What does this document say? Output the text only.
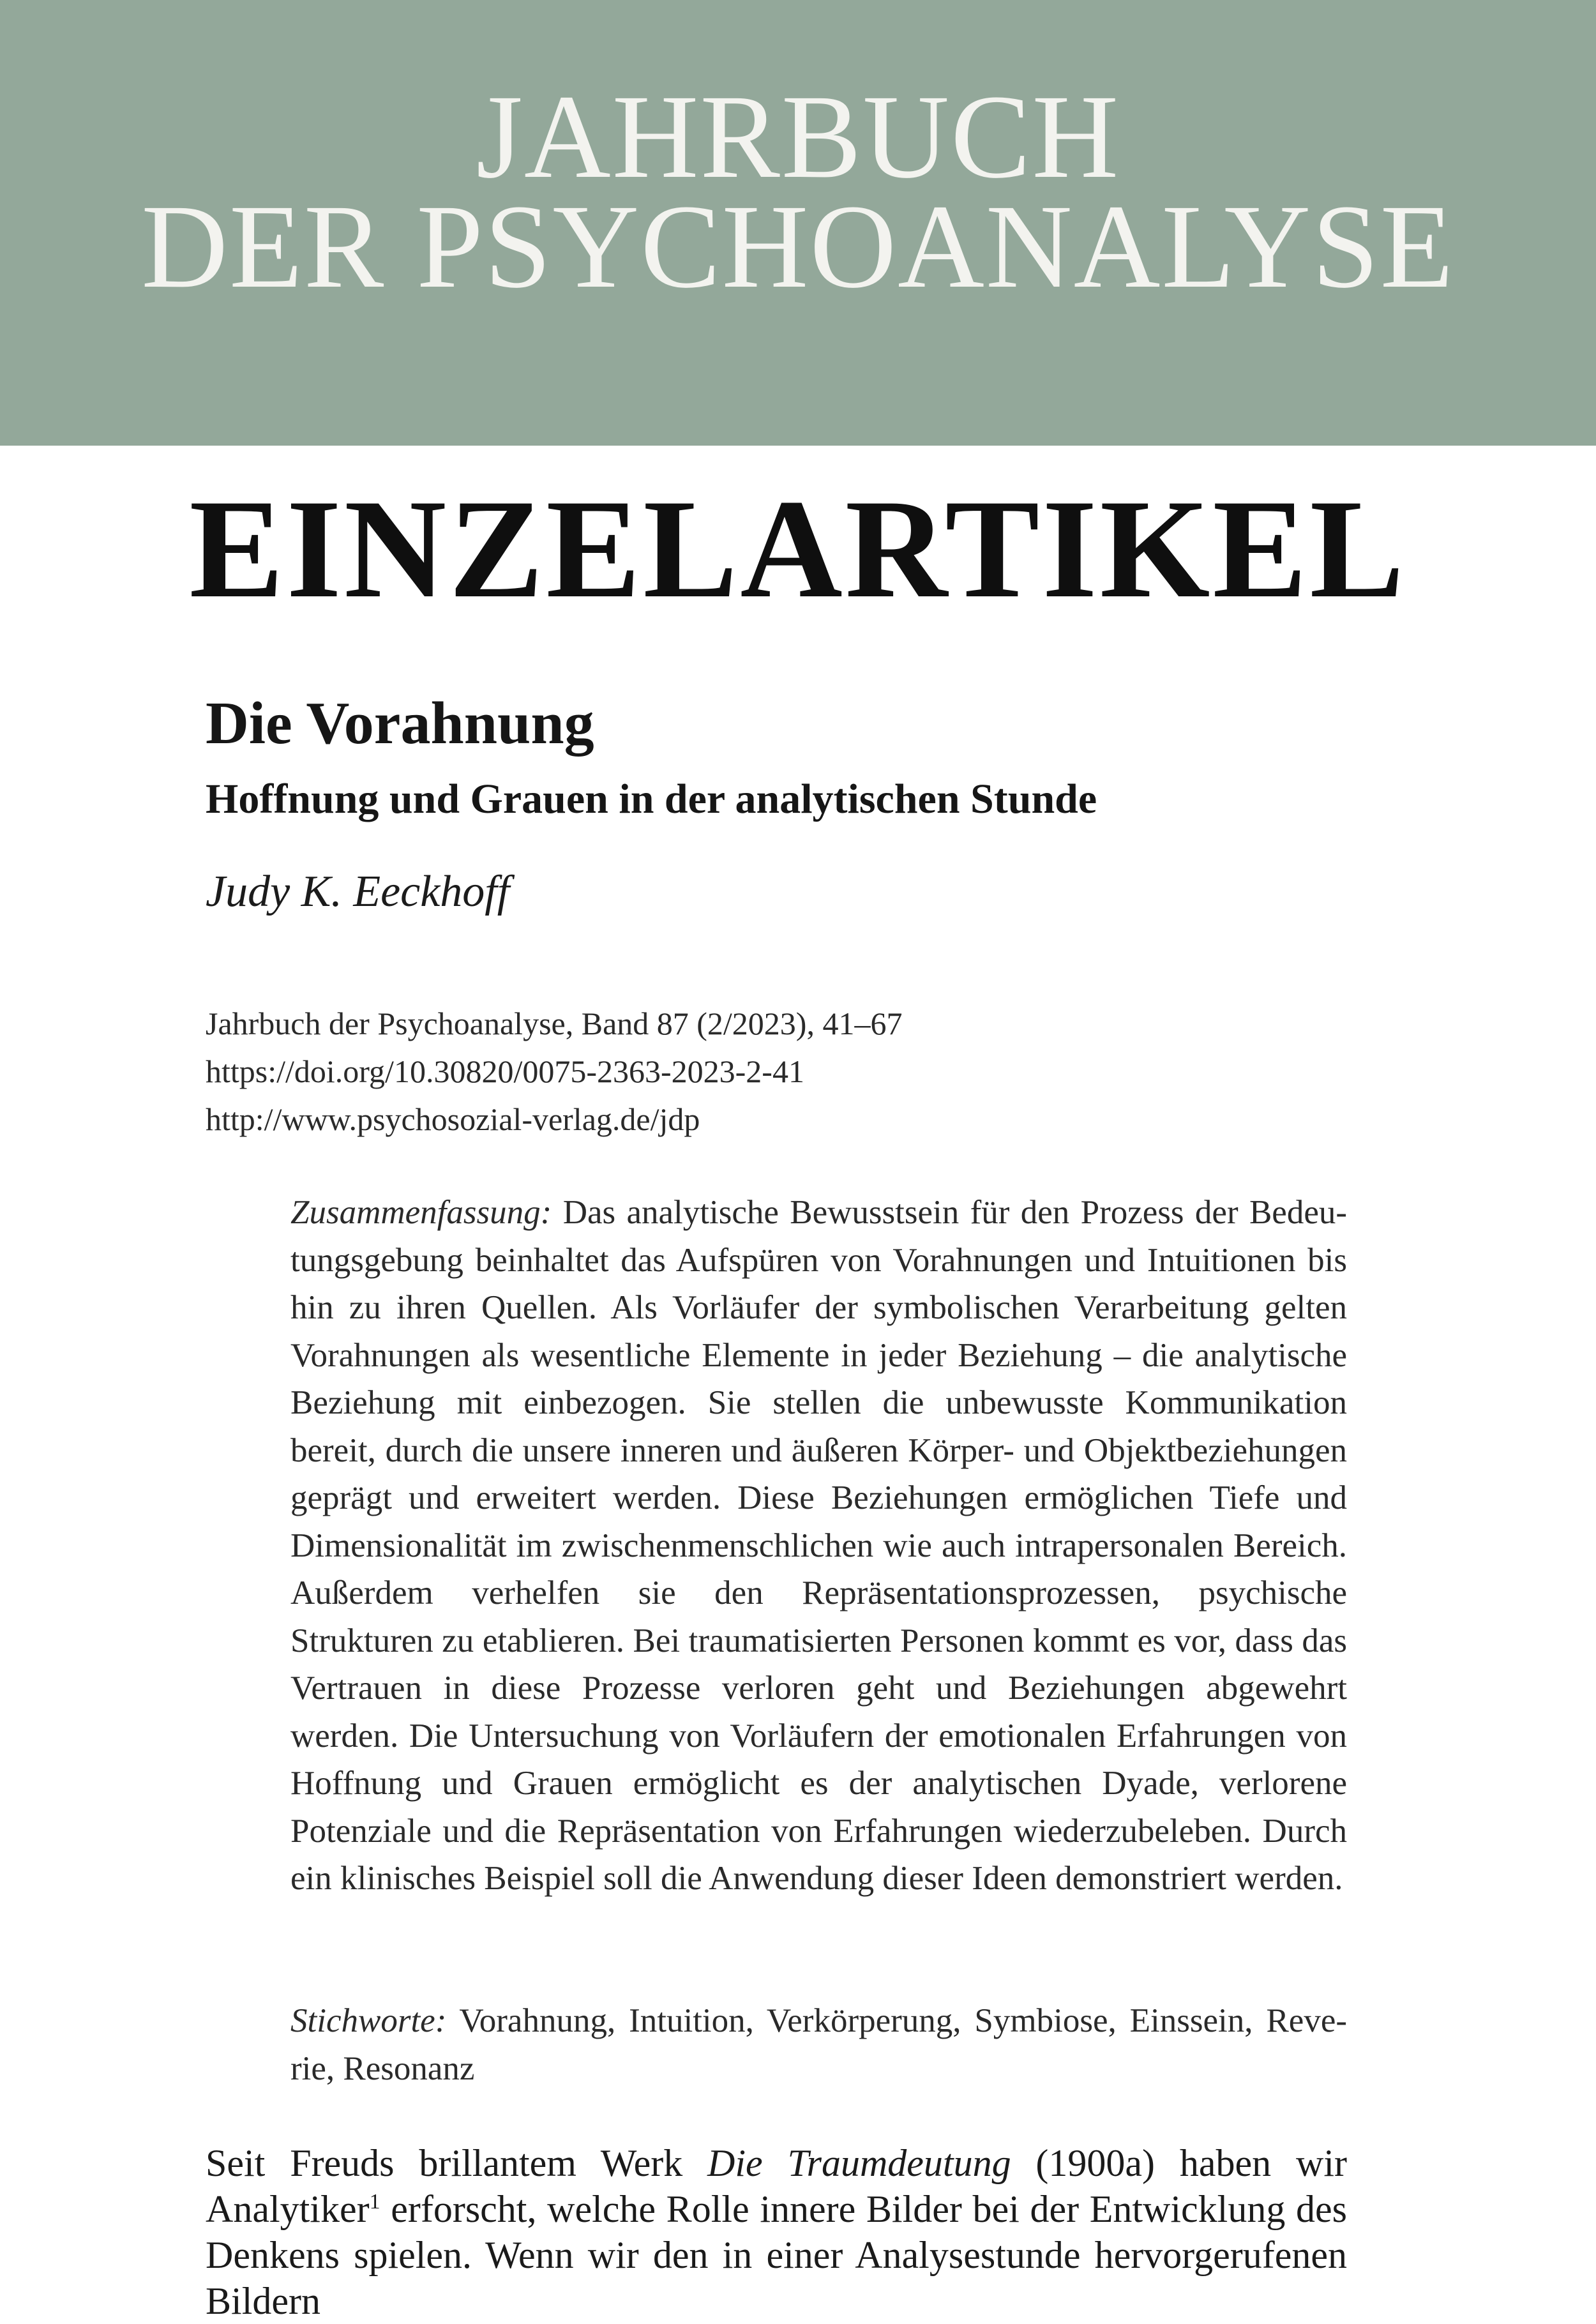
JAHRBUCH
DER PSYCHOANALYSE
EINZELARTIKEL
Die Vorahnung
Hoffnung und Grauen in der analytischen Stunde
Judy K. Eeckhoff
Jahrbuch der Psychoanalyse, Band 87 (2/2023), 41–67
https://doi.org/10.30820/0075-2363-2023-2-41
http://www.psychosozial-verlag.de/jdp
Zusammenfassung: Das analytische Bewusstsein für den Prozess der Bedeutungsgebung beinhaltet das Aufspüren von Vorahnungen und Intuitionen bis hin zu ihren Quellen. Als Vorläufer der symbolischen Verarbeitung gelten Vorahnungen als wesentliche Elemente in jeder Beziehung – die analytische Beziehung mit einbezogen. Sie stellen die unbewusste Kommunikation bereit, durch die unsere inneren und äußeren Körper- und Objektbeziehungen geprägt und erweitert werden. Diese Beziehungen ermöglichen Tiefe und Dimensionalität im zwischenmenschlichen wie auch intrapersonalen Bereich. Außerdem verhelfen sie den Repräsentationsprozessen, psychische Strukturen zu etablieren. Bei traumatisierten Personen kommt es vor, dass das Vertrauen in diese Prozesse verloren geht und Beziehungen abgewehrt werden. Die Untersuchung von Vorläufern der emotionalen Erfahrungen von Hoffnung und Grauen ermöglicht es der analytischen Dyade, verlorene Potenziale und die Repräsentation von Erfahrungen wiederzubeleben. Durch ein klinisches Beispiel soll die Anwendung dieser Ideen demonstriert werden.
Stichworte: Vorahnung, Intuition, Verkörperung, Symbiose, Einssein, Reverie, Resonanz
Seit Freuds brillantem Werk Die Traumdeutung (1900a) haben wir Analytiker$^1$ erforscht, welche Rolle innere Bilder bei der Entwicklung des Denkens spielen. Wenn wir den in einer Analysestunde hervorgerufenen Bildern
